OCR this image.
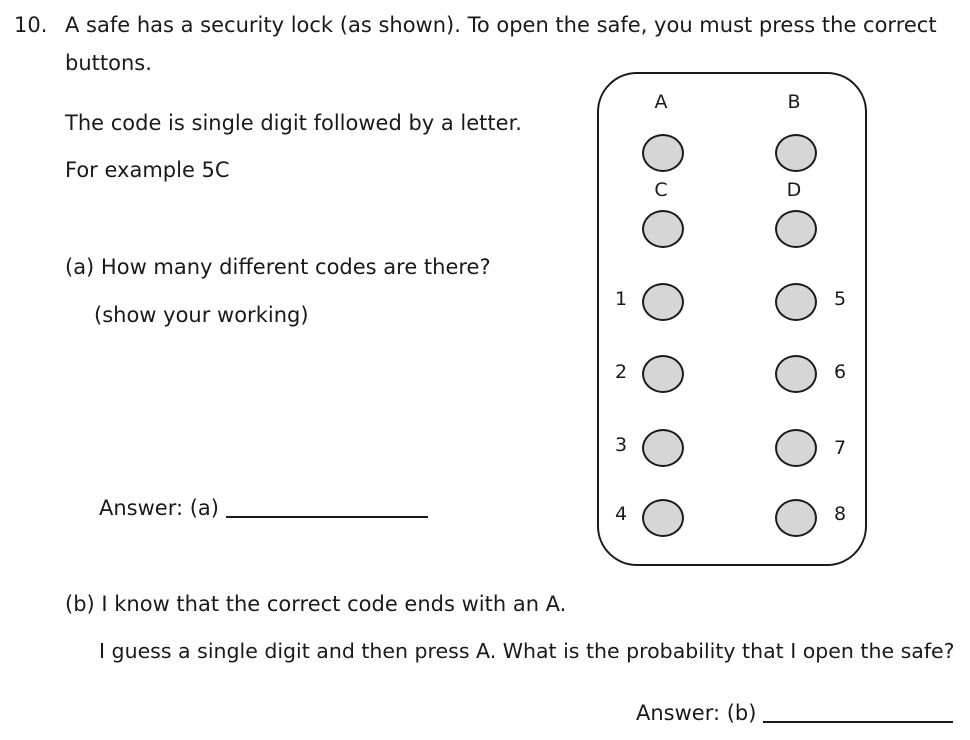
10. A safe has a security lock (as shown). To open the safe, you must press the correct
buttons.
The code is single digit followed by a letter.
For example 5C
(a) How many different codes are there?
(show your working)
Answer: (a)
A	B
C	D
1	5
2	6
3	7
4	8
(b) I know that the correct code ends with an A.
I guess a single digit and then press A. What is the probability that I open the safe?
Answer: (b)
